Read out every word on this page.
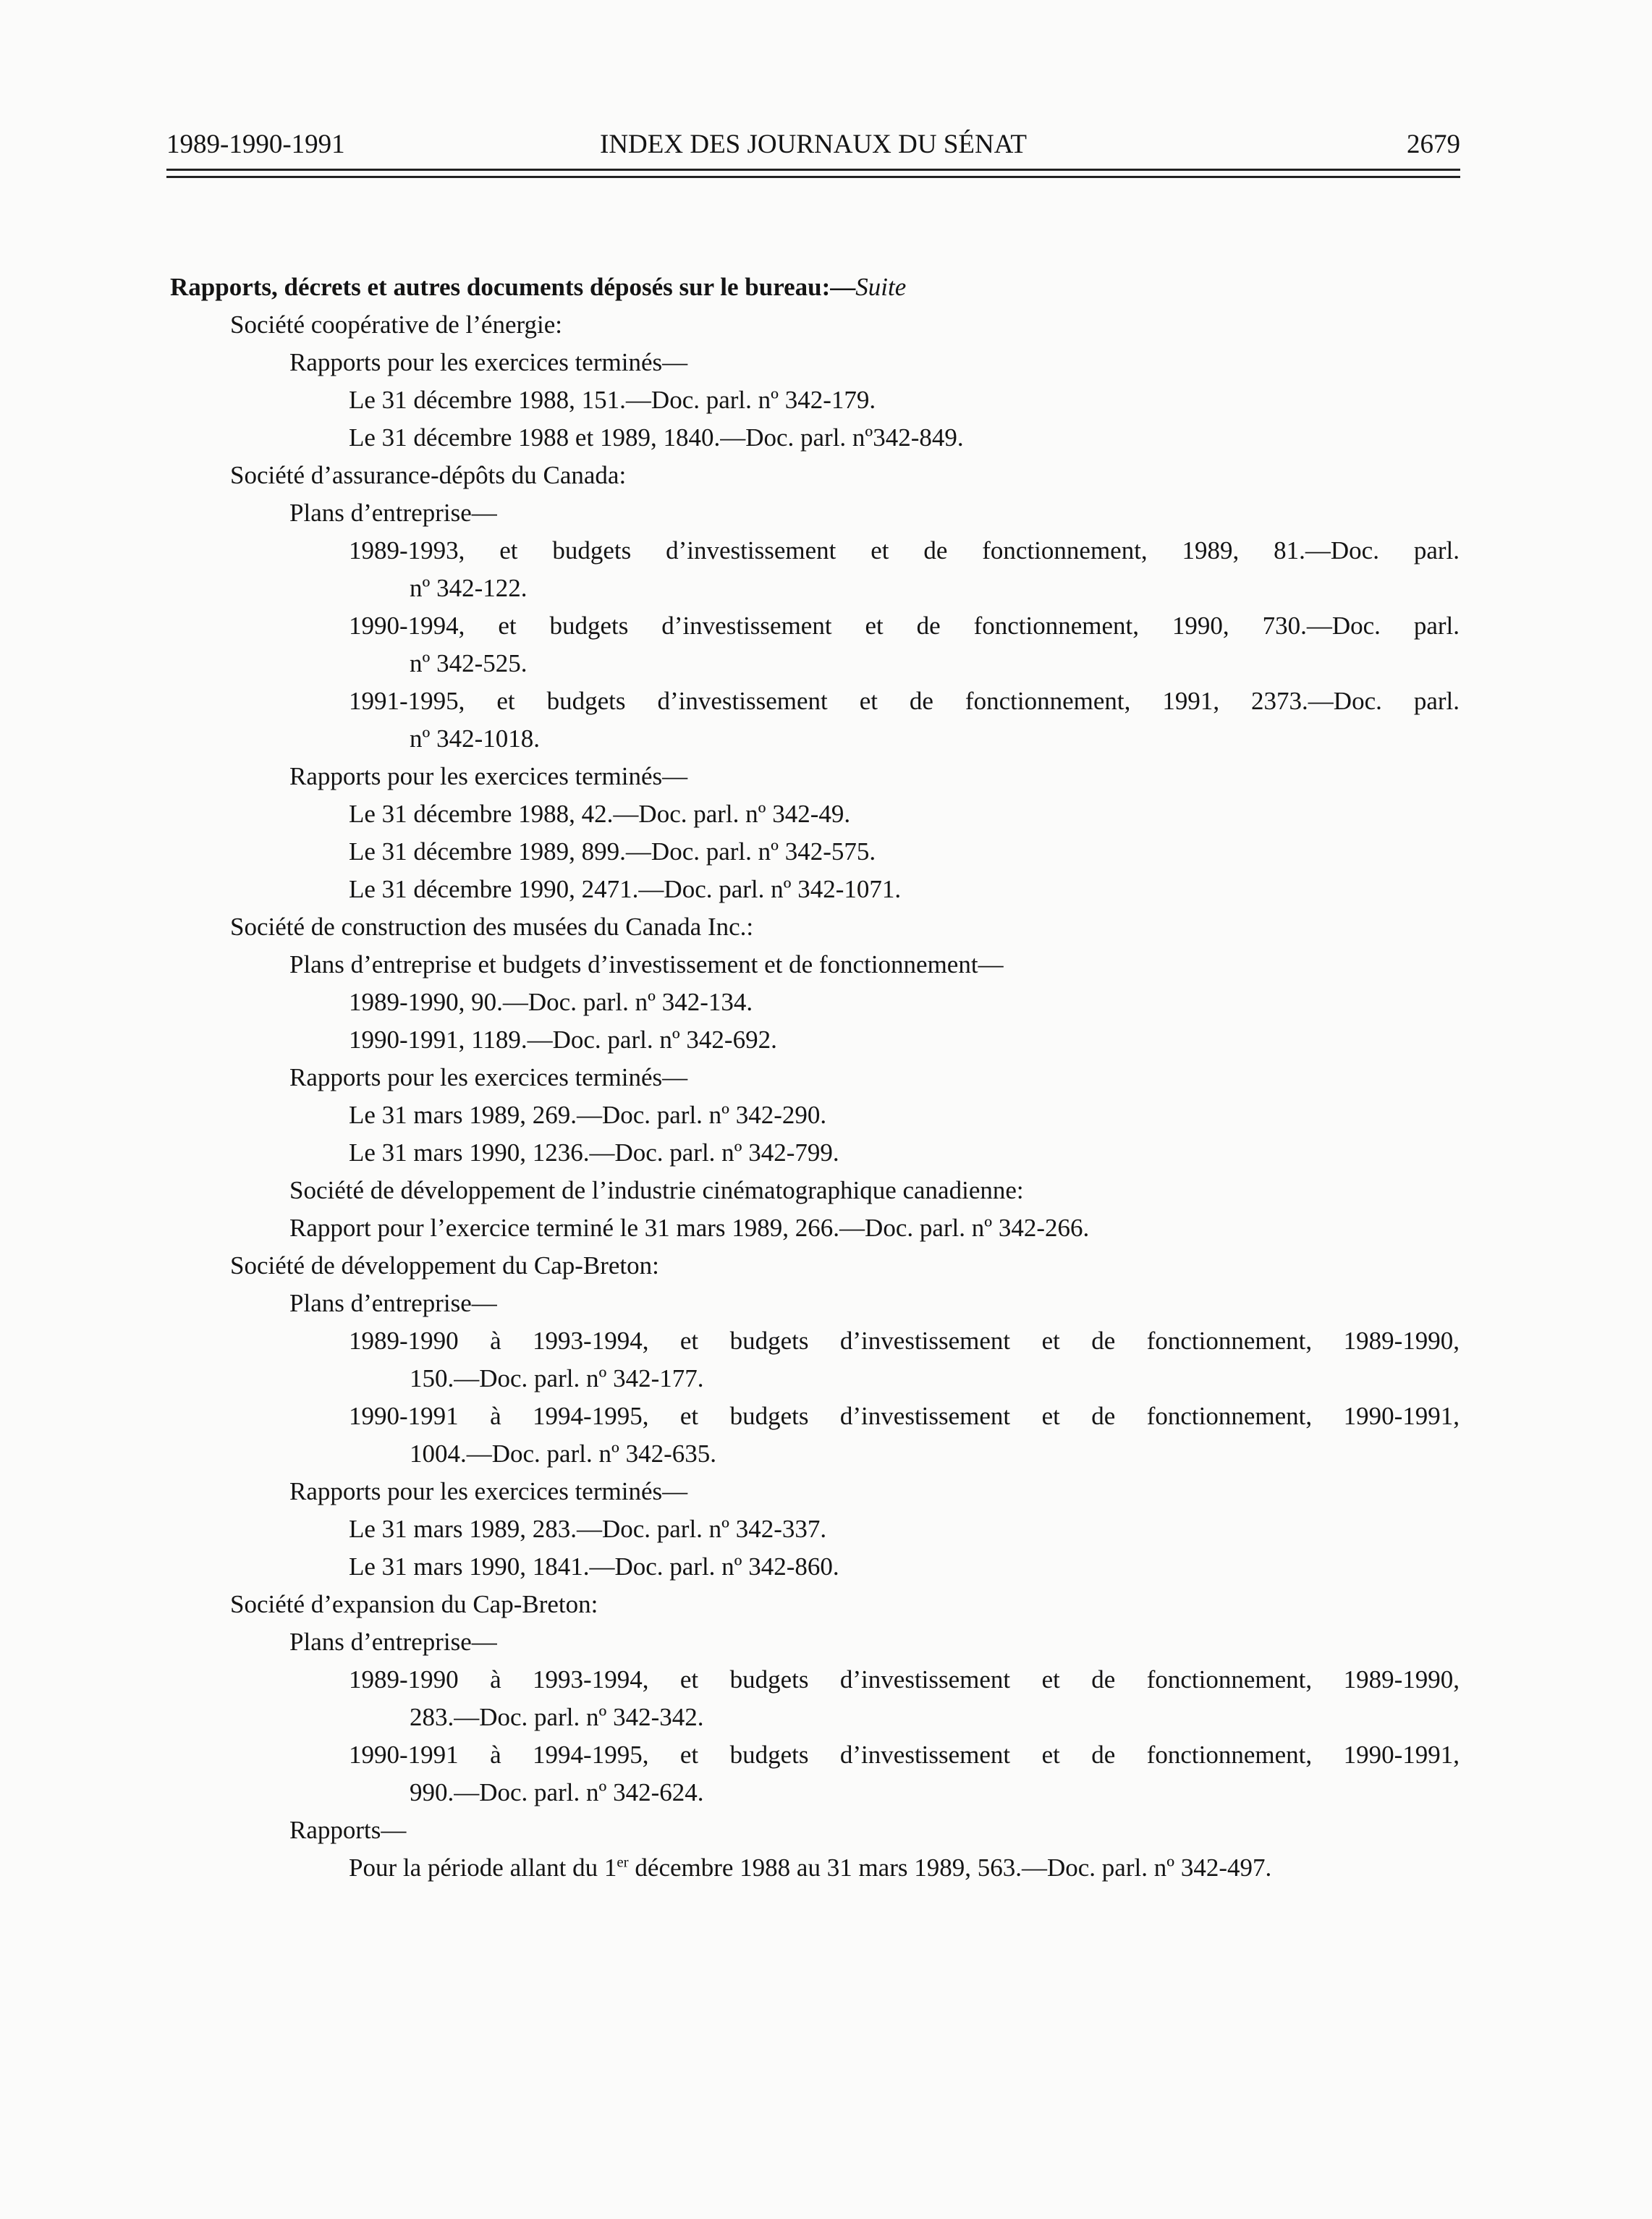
1989-1990-1991	INDEX DES JOURNAUX DU SÉNAT	2679
Rapports, décrets et autres documents déposés sur le bureau:—Suite
Société coopérative de l’énergie:
Rapports pour les exercices terminés—
Le 31 décembre 1988, 151.—Doc. parl. nº 342-179.
Le 31 décembre 1988 et 1989, 1840.—Doc. parl. nº342-849.
Société d’assurance-dépôts du Canada:
Plans d’entreprise—
1989-1993, et budgets d’investissement et de fonctionnement, 1989, 81.—Doc. parl.
nº 342-122.
1990-1994, et budgets d’investissement et de fonctionnement, 1990, 730.—Doc. parl.
nº 342-525.
1991-1995, et budgets d’investissement et de fonctionnement, 1991, 2373.—Doc. parl.
nº 342-1018.
Rapports pour les exercices terminés—
Le 31 décembre 1988, 42.—Doc. parl. nº 342-49.
Le 31 décembre 1989, 899.—Doc. parl. nº 342-575.
Le 31 décembre 1990, 2471.—Doc. parl. nº 342-1071.
Société de construction des musées du Canada Inc.:
Plans d’entreprise et budgets d’investissement et de fonctionnement—
1989-1990, 90.—Doc. parl. nº 342-134.
1990-1991, 1189.—Doc. parl. nº 342-692.
Rapports pour les exercices terminés—
Le 31 mars 1989, 269.—Doc. parl. nº 342-290.
Le 31 mars 1990, 1236.—Doc. parl. nº 342-799.
Société de développement de l’industrie cinématographique canadienne:
Rapport pour l’exercice terminé le 31 mars 1989, 266.—Doc. parl. nº 342-266.
Société de développement du Cap-Breton:
Plans d’entreprise—
1989-1990 à 1993-1994, et budgets d’investissement et de fonctionnement, 1989-1990,
150.—Doc. parl. nº 342-177.
1990-1991 à 1994-1995, et budgets d’investissement et de fonctionnement, 1990-1991,
1004.—Doc. parl. nº 342-635.
Rapports pour les exercices terminés—
Le 31 mars 1989, 283.—Doc. parl. nº 342-337.
Le 31 mars 1990, 1841.—Doc. parl. nº 342-860.
Société d’expansion du Cap-Breton:
Plans d’entreprise—
1989-1990 à 1993-1994, et budgets d’investissement et de fonctionnement, 1989-1990,
283.—Doc. parl. nº 342-342.
1990-1991 à 1994-1995, et budgets d’investissement et de fonctionnement, 1990-1991,
990.—Doc. parl. nº 342-624.
Rapports—
Pour la période allant du 1er décembre 1988 au 31 mars 1989, 563.—Doc. parl. nº 342-497.
